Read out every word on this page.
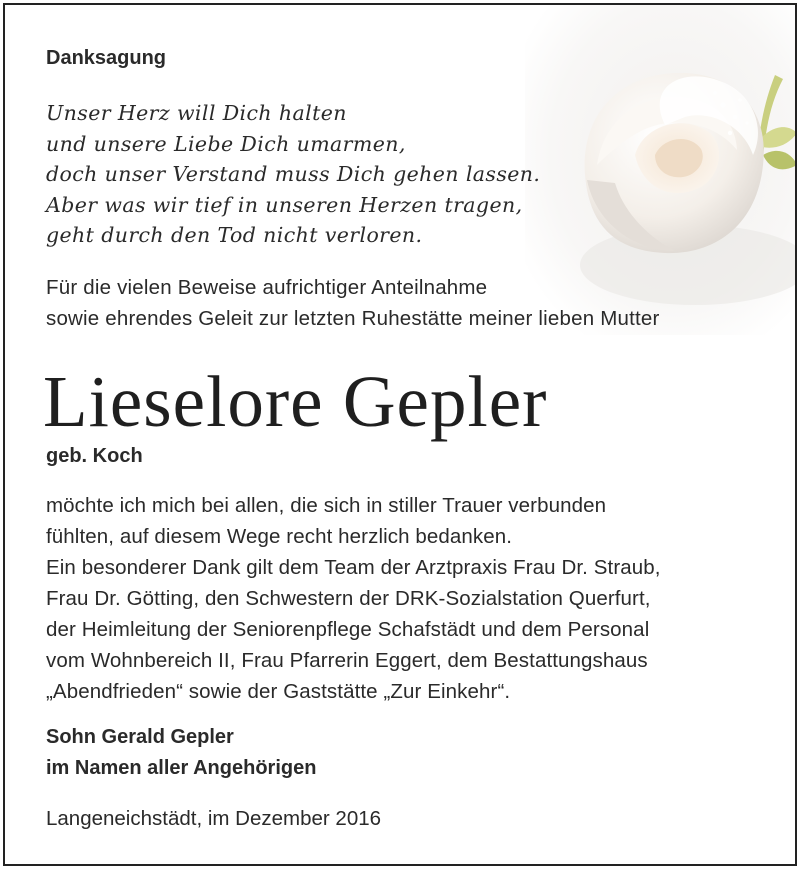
Danksagung
Unser Herz will Dich halten
und unsere Liebe Dich umarmen,
doch unser Verstand muss Dich gehen lassen.
Aber was wir tief in unseren Herzen tragen,
geht durch den Tod nicht verloren.
Für die vielen Beweise aufrichtiger Anteilnahme
sowie ehrendes Geleit zur letzten Ruhestätte meiner lieben Mutter
Lieselore Gepler
geb. Koch
möchte ich mich bei allen, die sich in stiller Trauer verbunden
fühlten, auf diesem Wege recht herzlich bedanken.
Ein besonderer Dank gilt dem Team der Arztpraxis Frau Dr. Straub,
Frau Dr. Götting, den Schwestern der DRK-Sozialstation Querfurt,
der Heimleitung der Seniorenpflege Schafstädt und dem Personal
vom Wohnbereich II, Frau Pfarrerin Eggert, dem Bestattungshaus
„Abendfrieden“ sowie der Gaststätte „Zur Einkehr“.
Sohn Gerald Gepler
im Namen aller Angehörigen
Langeneichstädt, im Dezember 2016
